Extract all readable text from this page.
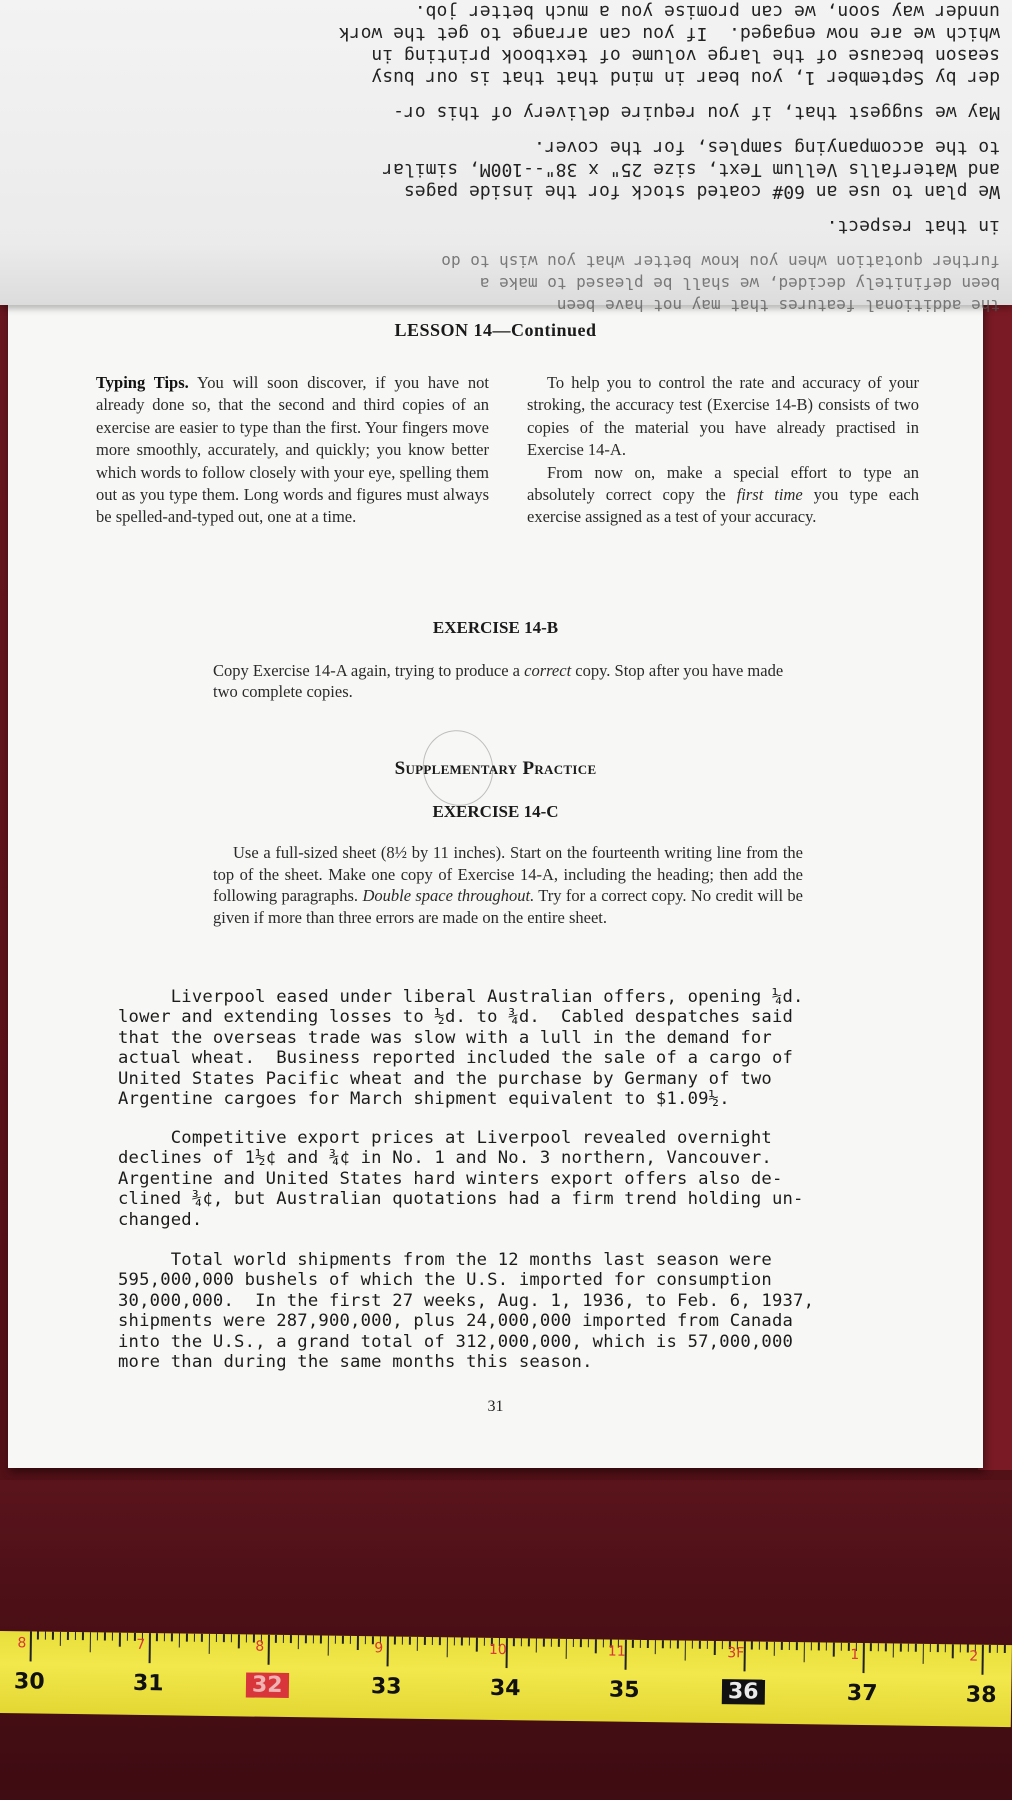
the additional features that may not have been
been definitely decided, we shall be pleased to make a
further quotation when you know better what you wish to do
in that respect.
We plan to use an 60# coated stock for the inside pages
and Waterfalls Vellum Text, size 25" x 38"--100M, similar
to the accompanying samples, for the cover.
May we suggest that, if you require delivery of this or-
der by September 1, you bear in mind that that is our busy
season because of the large volume of textbook printing in
which we are now engaged.  If you can arrange to get the work
unnder way soon, we can promise you a much better job.
LESSON 14—Continued

Typing Tips. You will soon discover, if you have not already done so, that the second and third copies of an exercise are easier to type than the first. Your fingers move more smoothly, accurately, and quickly; you know better which words to follow closely with your eye, spelling them out as you type them. Long words and figures must always be spelled-and-typed out, one at a time.

To help you to control the rate and accuracy of your stroking, the accuracy test (Exercise 14-B) consists of two copies of the material you have already practised in Exercise 14-A.

From now on, make a special effort to type an absolutely correct copy the first time you type each exercise assigned as a test of your accuracy.

EXERCISE 14-B
Copy Exercise 14-A again, trying to produce a correct copy. Stop after you have made two complete copies.
Supplementary Practice
EXERCISE 14-C
Use a full-sized sheet (8½ by 11 inches). Start on the fourteenth writing line from the top of the sheet. Make one copy of Exercise 14-A, including the heading; then add the following paragraphs. Double space throughout. Try for a correct copy. No credit will be given if more than three errors are made on the entire sheet.
Liverpool eased under liberal Australian offers, opening ¼d.
lower and extending losses to ½d. to ¾d.  Cabled despatches said
that the overseas trade was slow with a lull in the demand for
actual wheat.  Business reported included the sale of a cargo of
United States Pacific wheat and the purchase by Germany of two
Argentine cargoes for March shipment equivalent to $1.09½.
Competitive export prices at Liverpool revealed overnight
declines of 1½¢ and ¾¢ in No. 1 and No. 3 northern, Vancouver.
Argentine and United States hard winters export offers also de-
clined ¾¢, but Australian quotations had a firm trend holding un-
changed.
Total world shipments from the 12 months last season were
595,000,000 bushels of which the U.S. imported for consumption
30,000,000.  In the first 27 weeks, Aug. 1, 1936, to Feb. 6, 1937,
shipments were 287,900,000, plus 24,000,000 imported from Canada
into the U.S., a grand total of 312,000,000, which is 57,000,000
more than during the same months this season.
31
30
8
31
7
32
8
33
9
34
10
35
11
36
3F
37
1
38
2
